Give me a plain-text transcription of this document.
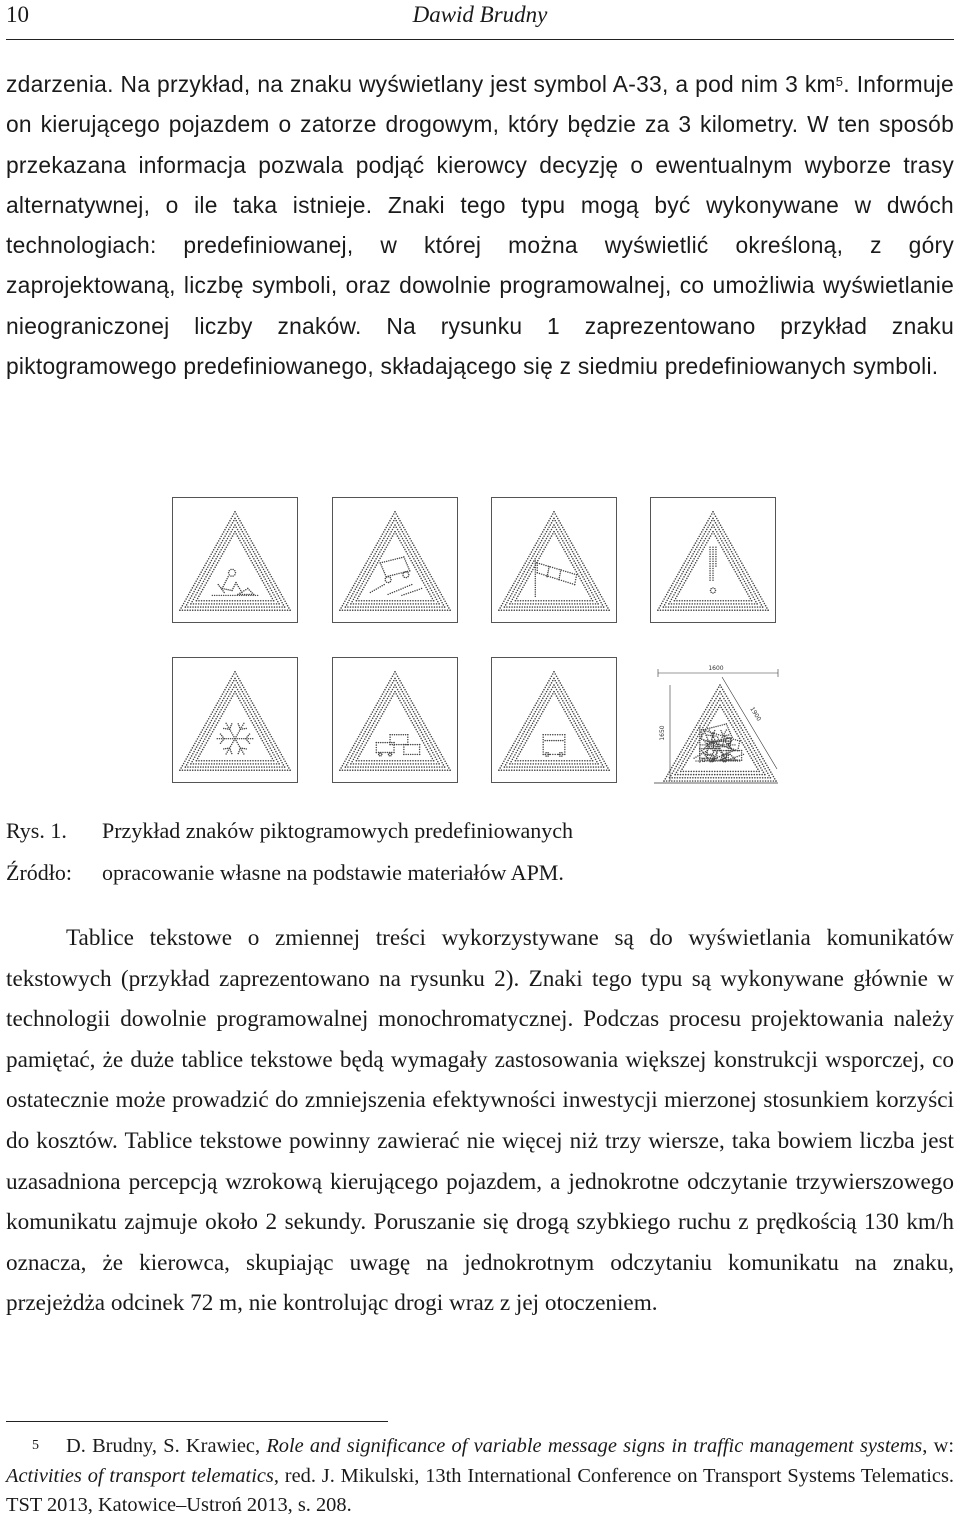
10	Dawid Brudny

zdarzenia. Na przykład, na znaku wyświetlany jest symbol A-33, a pod nim 3 $km^5$. Informuje on kierującego pojazdem o zatorze drogowym, który będzie za 3 kilometry. W ten sposób przekazana informacja pozwala podjąć kierowcy decyzję o ewentualnym wyborze trasy alternatywnej, o ile taka istnieje. Znaki tego typu mogą być wykonywane w dwóch technologiach: predefiniowanej, w której można wyświetlić określoną, z góry zaprojektowaną, liczbę symboli, oraz dowolnie programowalnej, co umożliwia wyświetlanie nieograniczonej liczby znaków. Na rysunku 1 zaprezentowano przykład znaku piktogramowego predefiniowanego, składającego się z siedmiu predefiniowanych symboli.

1600
1650
1900
Rys. 1. Przykład znaków piktogramowych predefiniowanych
Źródło: opracowanie własne na podstawie materiałów APM.

Tablice tekstowe o zmiennej treści wykorzystywane są do wyświetlania komunikatów tekstowych (przykład zaprezentowano na rysunku 2). Znaki tego typu są wykonywane głównie w technologii dowolnie programowalnej monochromatycznej. Podczas procesu projektowania należy pamiętać, że duże tablice tekstowe będą wymagały zastosowania większej konstrukcji wsporczej, co ostatecznie może prowadzić do zmniejszenia efektywności inwestycji mierzonej stosunkiem korzyści do kosztów. Tablice tekstowe powinny zawierać nie więcej niż trzy wiersze, taka bowiem liczba jest uzasadniona percepcją wzrokową kierującego pojazdem, a jednokrotne odczytanie trzywierszowego komunikatu zajmuje około 2 sekundy. Poruszanie się drogą szybkiego ruchu z prędkością 130 km/h oznacza, że kierowca, skupiając uwagę na jednokrotnym odczytaniu komunikatu na znaku, przejeżdża odcinek 72 m, nie kontrolując drogi wraz z jej otoczeniem.

5 D. Brudny, S. Krawiec, Role and significance of variable message signs in traffic management systems, w: Activities of transport telematics, red. J. Mikulski, 13th International Conference on Transport Systems Telematics. TST 2013, Katowice–Ustroń 2013, s. 208.
